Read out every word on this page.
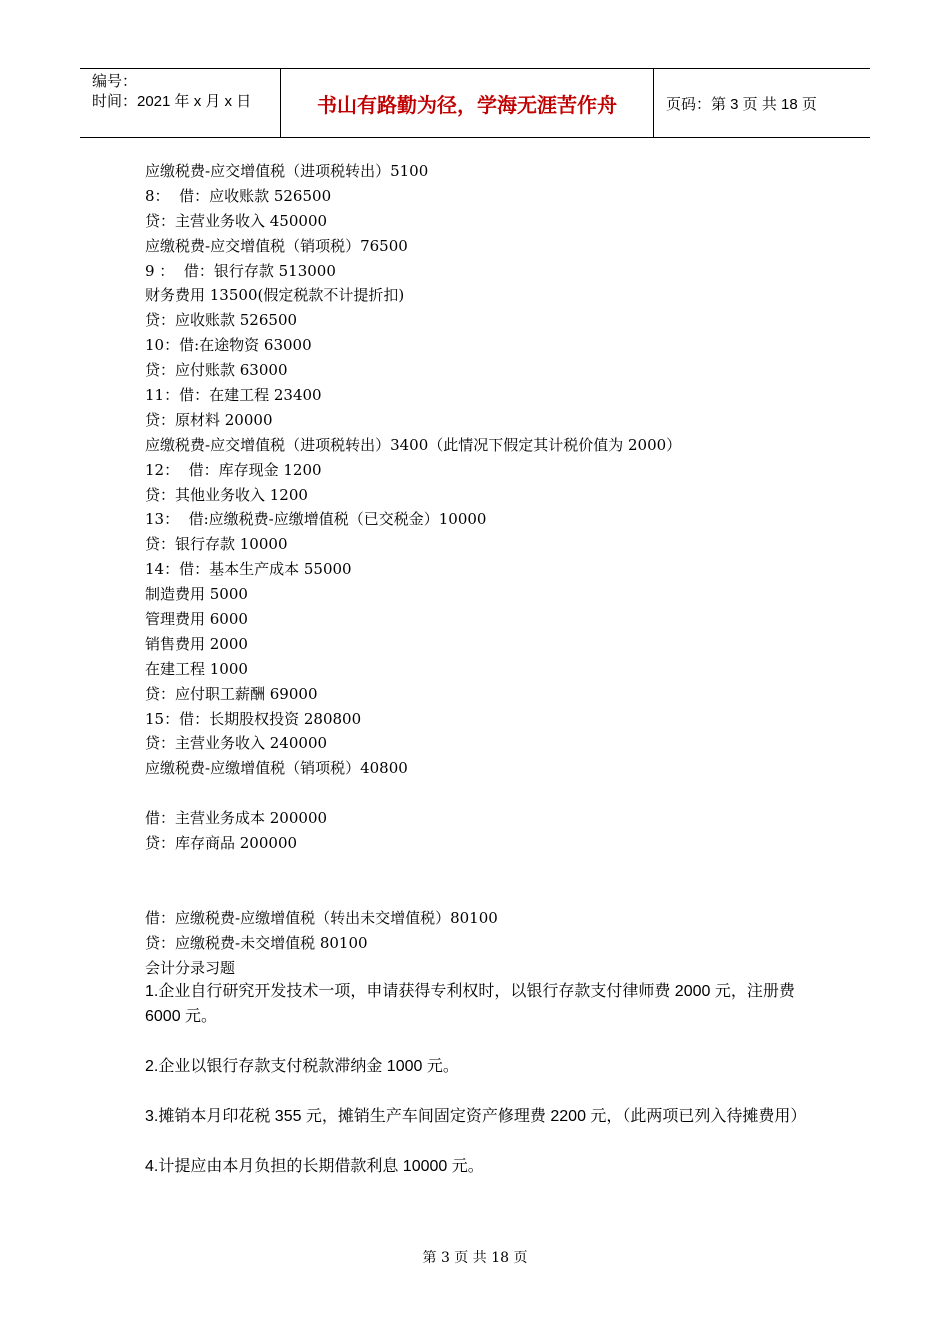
编号：
时间：2021 年 x 月 x 日	书山有路勤为径，学海无涯苦作舟	页码：第 3 页 共 18 页
应缴税费-应交增值税（进项税转出）5100
8：  借：应收账款 526500
贷：主营业务收入 450000
应缴税费-应交增值税（销项税）76500
9 ：  借：银行存款 513000
财务费用 13500(假定税款不计提折扣)
贷：应收账款 526500
10：借:在途物资 63000
贷：应付账款 63000
11：借：在建工程 23400
贷：原材料 20000
应缴税费-应交增值税（进项税转出）3400（此情况下假定其计税价值为 2000）
12：  借：库存现金 1200
贷：其他业务收入 1200
13：  借:应缴税费-应缴增值税（已交税金）10000
贷：银行存款 10000
14：借：基本生产成本 55000
制造费用 5000
管理费用 6000
销售费用 2000
在建工程 1000
贷：应付职工薪酬 69000
15：借：长期股权投资 280800
贷：主营业务收入 240000
应缴税费-应缴增值税（销项税）40800
借：主营业务成本 200000
贷：库存商品 200000
借：应缴税费-应缴增值税（转出未交增值税）80100
贷：应缴税费-未交增值税 80100
会计分录习题
1.企业自行研究开发技术一项，申请获得专利权时，以银行存款支付律师费 2000 元，注册费 6000 元。
2.企业以银行存款支付税款滞纳金 1000 元。
3.摊销本月印花税 355 元，摊销生产车间固定资产修理费 2200 元，（此两项已列入待摊费用）
4.计提应由本月负担的长期借款利息 10000 元。
第 3 页 共 18 页
